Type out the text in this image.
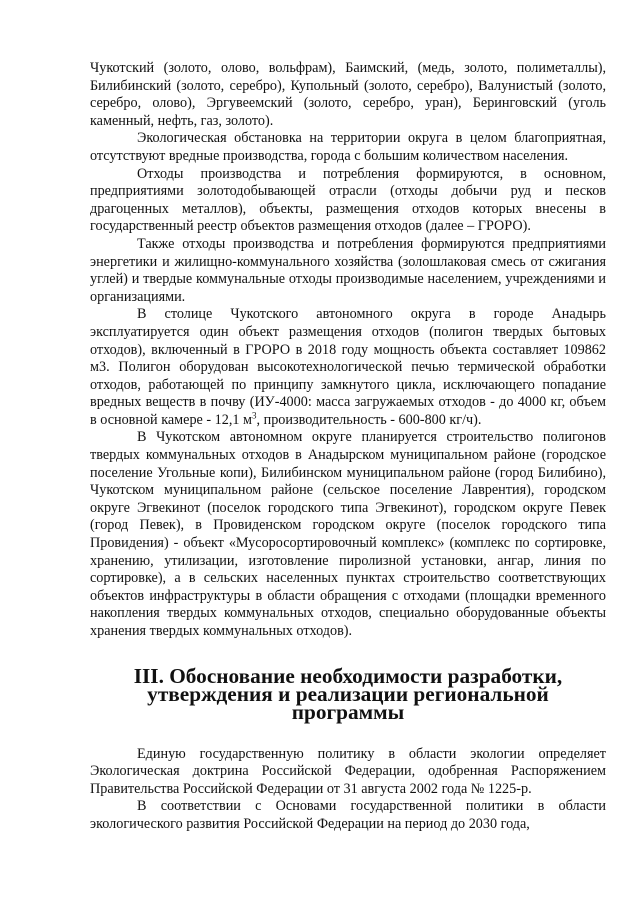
Чукотский (золото, олово, вольфрам), Баимский, (медь, золото, полиметаллы), Билибинский (золото, серебро), Купольный (золото, серебро), Валунистый (золото, серебро, олово), Эргувеемский (золото, серебро, уран), Беринговский (уголь каменный, нефть, газ, золото).

Экологическая обстановка на территории округа в целом благоприятная, отсутствуют вредные производства, города с большим количеством населения.

Отходы производства и потребления формируются, в основном, предприятиями золотодобывающей отрасли (отходы добычи руд и песков драгоценных металлов), объекты, размещения отходов которых внесены в государственный реестр объектов размещения отходов (далее – ГРОРО).

Также отходы производства и потребления формируются предприятиями энергетики и жилищно-коммунального хозяйства (золошлаковая смесь от сжигания углей) и твердые коммунальные отходы производимые населением, учреждениями и организациями.

В столице Чукотского автономного округа в городе Анадырь эксплуатируется один объект размещения отходов (полигон твердых бытовых отходов), включенный в ГРОРО в 2018 году мощность объекта составляет 109862 м3. Полигон оборудован высокотехнологической печью термической обработки отходов, работающей по принципу замкнутого цикла, исключающего попадание вредных веществ в почву (ИУ-4000: масса загружаемых отходов - до 4000 кг, объем в основной камере - 12,1 $м^3$, производительность - 600-800 кг/ч).

В Чукотском автономном округе планируется строительство полигонов твердых коммунальных отходов в Анадырском муниципальном районе (городское поселение Угольные копи), Билибинском муниципальном районе (город Билибино), Чукотском муниципальном районе (сельское поселение Лаврентия), городском округе Эгвекинот (поселок городского типа Эгвекинот), городском округе Певек (город Певек), в Провиденском городском округе (поселок городского типа Провидения) - объект «Мусоросортировочный комплекс» (комплекс по сортировке, хранению, утилизации, изготовление пиролизной установки, ангар, линия по сортировке), а в сельских населенных пунктах строительство соответствующих объектов инфраструктуры в области обращения с отходами (площадки временного накопления твердых коммунальных отходов, специально оборудованные объекты хранения твердых коммунальных отходов).

III. Обоснование необходимости разработки,
утверждения и реализации региональной программы

Единую государственную политику в области экологии определяет Экологическая доктрина Российской Федерации, одобренная Распоряжением Правительства Российской Федерации от 31 августа 2002 года № 1225-р.

В соответствии с Основами государственной политики в области экологического развития Российской Федерации на период до 2030 года,
